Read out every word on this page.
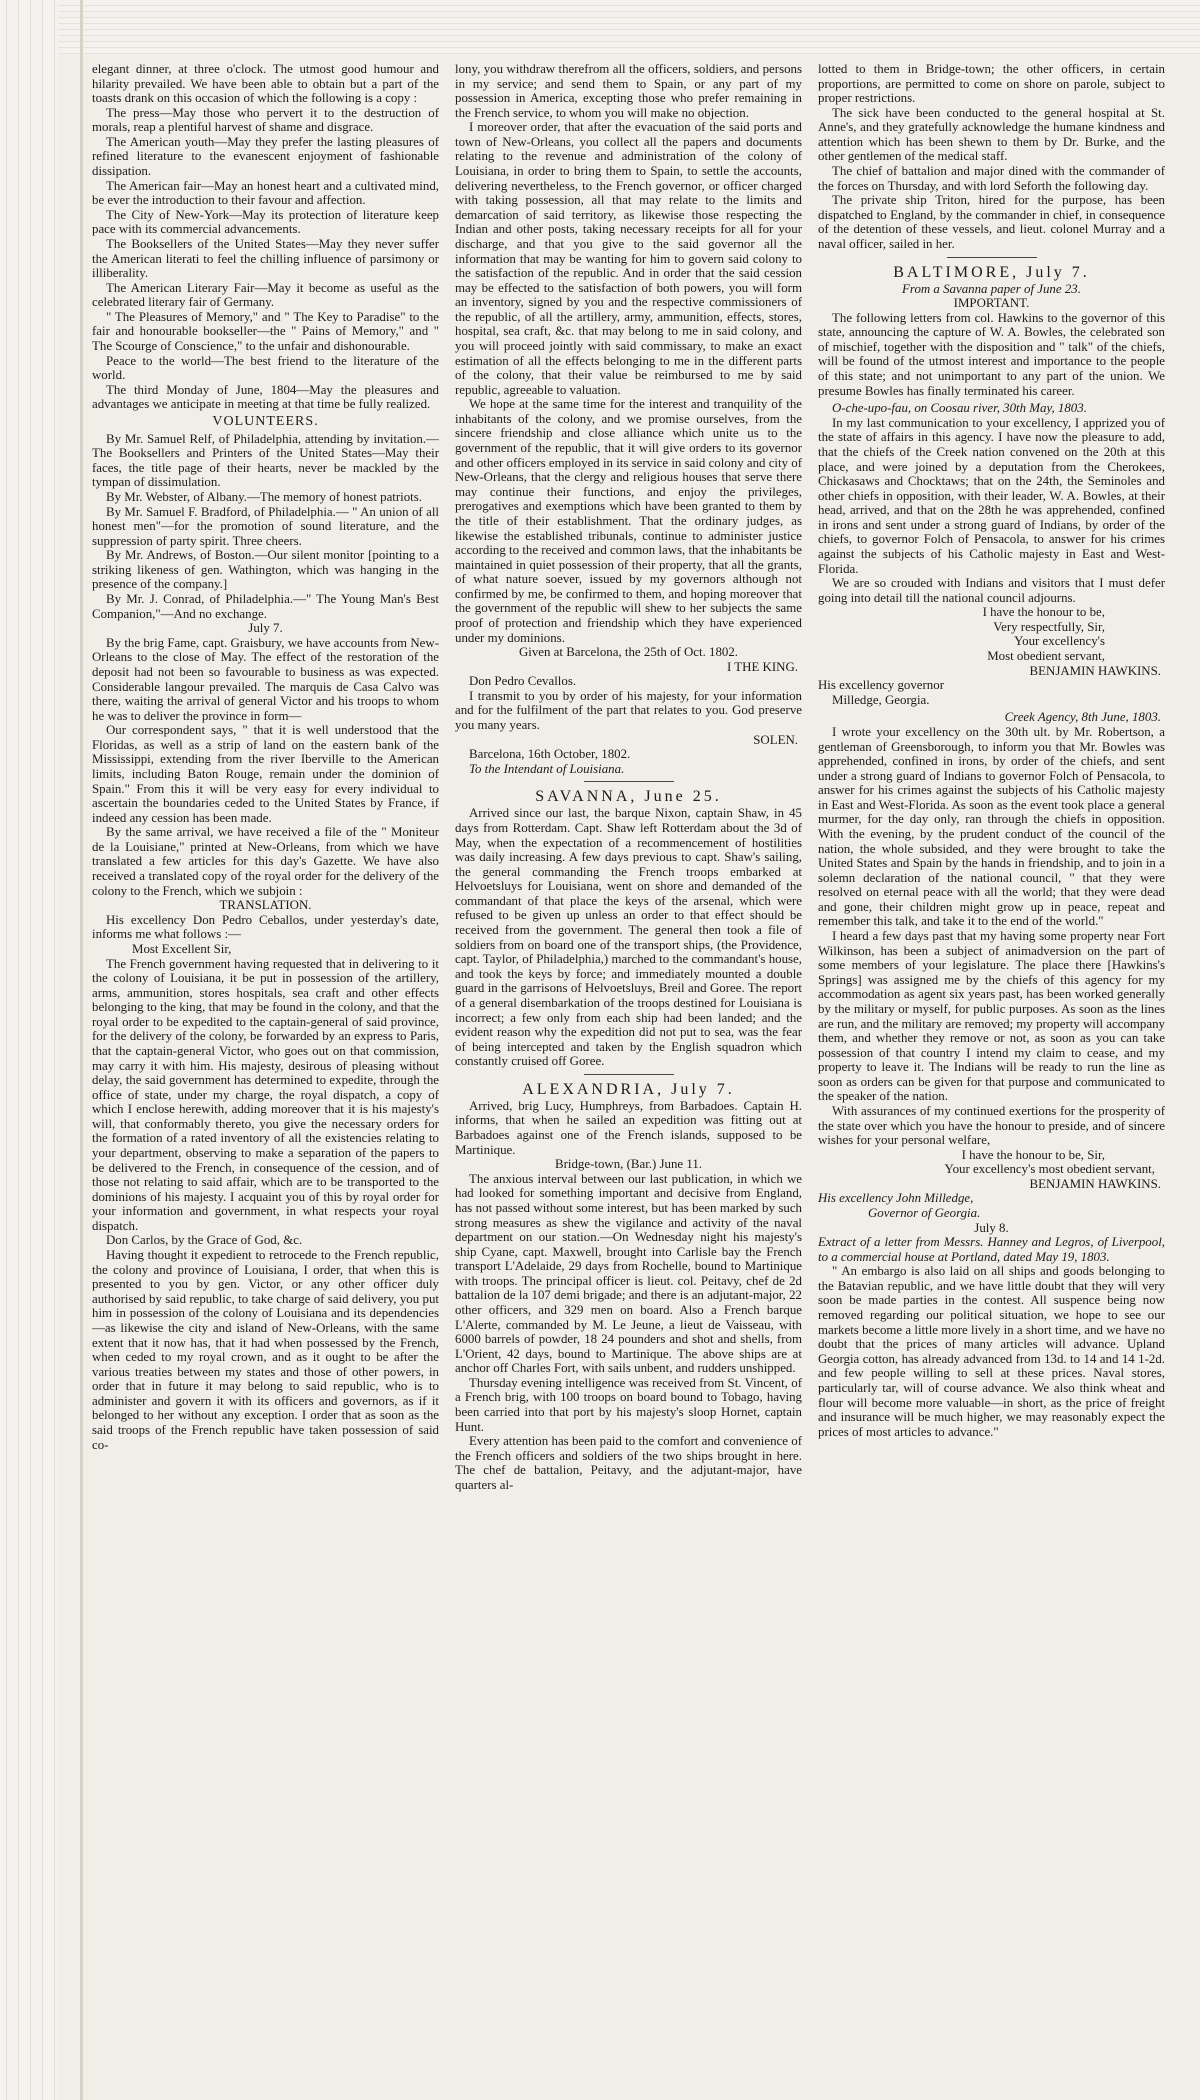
elegant dinner, at three o'clock. The utmost good humour and hilarity prevailed. We have been able to obtain but a part of the toasts drank on this occasion of which the following is a copy :

The press—May those who pervert it to the destruction of morals, reap a plentiful harvest of shame and disgrace.

The American youth—May they prefer the lasting pleasures of refined literature to the evanescent enjoyment of fashionable dissipation.

The American fair—May an honest heart and a cultivated mind, be ever the introduction to their favour and affection.

The City of New-York—May its protection of literature keep pace with its commercial advancements.

The Booksellers of the United States—May they never suffer the American literati to feel the chilling influence of parsimony or illiberality.

The American Literary Fair—May it become as useful as the celebrated literary fair of Germany.

" The Pleasures of Memory," and " The Key to Paradise" to the fair and honourable bookseller—the " Pains of Memory," and " The Scourge of Conscience," to the unfair and dishonourable.

Peace to the world—The best friend to the literature of the world.

The third Monday of June, 1804—May the pleasures and advantages we anticipate in meeting at that time be fully realized.

VOLUNTEERS.

By Mr. Samuel Relf, of Philadelphia, attending by invitation.—The Booksellers and Printers of the United States—May their faces, the title page of their hearts, never be mackled by the tympan of dissimulation.

By Mr. Webster, of Albany.—The memory of honest patriots.

By Mr. Samuel F. Bradford, of Philadelphia.— " An union of all honest men"—for the promotion of sound literature, and the suppression of party spirit. Three cheers.

By Mr. Andrews, of Boston.—Our silent monitor [pointing to a striking likeness of gen. Wathington, which was hanging in the presence of the company.]

By Mr. J. Conrad, of Philadelphia.—" The Young Man's Best Companion,"—And no exchange.

July 7.

By the brig Fame, capt. Graisbury, we have accounts from New-Orleans to the close of May. The effect of the restoration of the deposit had not been so favourable to business as was expected. Considerable langour prevailed. The marquis de Casa Calvo was there, waiting the arrival of general Victor and his troops to whom he was to deliver the province in form—

Our correspondent says, " that it is well understood that the Floridas, as well as a strip of land on the eastern bank of the Mississippi, extending from the river Iberville to the American limits, including Baton Rouge, remain under the dominion of Spain." From this it will be very easy for every individual to ascertain the boundaries ceded to the United States by France, if indeed any cession has been made.

By the same arrival, we have received a file of the " Moniteur de la Louisiane," printed at New-Orleans, from which we have translated a few articles for this day's Gazette. We have also received a translated copy of the royal order for the delivery of the colony to the French, which we subjoin :

TRANSLATION.

His excellency Don Pedro Ceballos, under yesterday's date, informs me what follows :—

Most Excellent Sir,

The French government having requested that in delivering to it the colony of Louisiana, it be put in possession of the artillery, arms, ammunition, stores hospitals, sea craft and other effects belonging to the king, that may be found in the colony, and that the royal order to be expedited to the captain-general of said province, for the delivery of the colony, be forwarded by an express to Paris, that the captain-general Victor, who goes out on that commission, may carry it with him. His majesty, desirous of pleasing without delay, the said government has determined to expedite, through the office of state, under my charge, the royal dispatch, a copy of which I enclose herewith, adding moreover that it is his majesty's will, that conformably thereto, you give the necessary orders for the formation of a rated inventory of all the existencies relating to your department, observing to make a separation of the papers to be delivered to the French, in consequence of the cession, and of those not relating to said affair, which are to be transported to the dominions of his majesty. I acquaint you of this by royal order for your information and government, in what respects your royal dispatch.

Don Carlos, by the Grace of God, &c.

Having thought it expedient to retrocede to the French republic, the colony and province of Louisiana, I order, that when this is presented to you by gen. Victor, or any other officer duly authorised by said republic, to take charge of said delivery, you put him in possession of the colony of Louisiana and its dependencies—as likewise the city and island of New-Orleans, with the same extent that it now has, that it had when possessed by the French, when ceded to my royal crown, and as it ought to be after the various treaties between my states and those of other powers, in order that in future it may belong to said republic, who is to administer and govern it with its officers and governors, as if it belonged to her without any exception. I order that as soon as the said troops of the French republic have taken possession of said co-

lony, you withdraw therefrom all the officers, soldiers, and persons in my service; and send them to Spain, or any part of my possession in America, excepting those who prefer remaining in the French service, to whom you will make no objection.

I moreover order, that after the evacuation of the said ports and town of New-Orleans, you collect all the papers and documents relating to the revenue and administration of the colony of Louisiana, in order to bring them to Spain, to settle the accounts, delivering nevertheless, to the French governor, or officer charged with taking possession, all that may relate to the limits and demarcation of said territory, as likewise those respecting the Indian and other posts, taking necessary receipts for all for your discharge, and that you give to the said governor all the information that may be wanting for him to govern said colony to the satisfaction of the republic. And in order that the said cession may be effected to the satisfaction of both powers, you will form an inventory, signed by you and the respective commissioners of the republic, of all the artillery, army, ammunition, effects, stores, hospital, sea craft, &c. that may belong to me in said colony, and you will proceed jointly with said commissary, to make an exact estimation of all the effects belonging to me in the different parts of the colony, that their value be reimbursed to me by said republic, agreeable to valuation.

We hope at the same time for the interest and tranquility of the inhabitants of the colony, and we promise ourselves, from the sincere friendship and close alliance which unite us to the government of the republic, that it will give orders to its governor and other officers employed in its service in said colony and city of New-Orleans, that the clergy and religious houses that serve there may continue their functions, and enjoy the privileges, prerogatives and exemptions which have been granted to them by the title of their establishment. That the ordinary judges, as likewise the established tribunals, continue to administer justice according to the received and common laws, that the inhabitants be maintained in quiet possession of their property, that all the grants, of what nature soever, issued by my governors although not confirmed by me, be confirmed to them, and hoping moreover that the government of the republic will shew to her subjects the same proof of protection and friendship which they have experienced under my dominions.

Given at Barcelona, the 25th of Oct. 1802.

I THE KING.

Don Pedro Cevallos.

I transmit to you by order of his majesty, for your information and for the fulfilment of the part that relates to you. God preserve you many years.

SOLEN.

Barcelona, 16th October, 1802.

To the Intendant of Louisiana.

SAVANNA, June 25.

Arrived since our last, the barque Nixon, captain Shaw, in 45 days from Rotterdam. Capt. Shaw left Rotterdam about the 3d of May, when the expectation of a recommencement of hostilities was daily increasing. A few days previous to capt. Shaw's sailing, the general commanding the French troops embarked at Helvoetsluys for Louisiana, went on shore and demanded of the commandant of that place the keys of the arsenal, which were refused to be given up unless an order to that effect should be received from the government. The general then took a file of soldiers from on board one of the transport ships, (the Providence, capt. Taylor, of Philadelphia,) marched to the commandant's house, and took the keys by force; and immediately mounted a double guard in the garrisons of Helvoetsluys, Breil and Goree. The report of a general disembarkation of the troops destined for Louisiana is incorrect; a few only from each ship had been landed; and the evident reason why the expedition did not put to sea, was the fear of being intercepted and taken by the English squadron which constantly cruised off Goree.

ALEXANDRIA, July 7.

Arrived, brig Lucy, Humphreys, from Barbadoes. Captain H. informs, that when he sailed an expedition was fitting out at Barbadoes against one of the French islands, supposed to be Martinique.

Bridge-town, (Bar.) June 11.

The anxious interval between our last publication, in which we had looked for something important and decisive from England, has not passed without some interest, but has been marked by such strong measures as shew the vigilance and activity of the naval department on our station.—On Wednesday night his majesty's ship Cyane, capt. Maxwell, brought into Carlisle bay the French transport L'Adelaide, 29 days from Rochelle, bound to Martinique with troops. The principal officer is lieut. col. Peitavy, chef de 2d battalion de la 107 demi brigade; and there is an adjutant-major, 22 other officers, and 329 men on board. Also a French barque L'Alerte, commanded by M. Le Jeune, a lieut de Vaisseau, with 6000 barrels of powder, 18 24 pounders and shot and shells, from L'Orient, 42 days, bound to Martinique. The above ships are at anchor off Charles Fort, with sails unbent, and rudders unshipped.

Thursday evening intelligence was received from St. Vincent, of a French brig, with 100 troops on board bound to Tobago, having been carried into that port by his majesty's sloop Hornet, captain Hunt.

Every attention has been paid to the comfort and convenience of the French officers and soldiers of the two ships brought in here. The chef de battalion, Peitavy, and the adjutant-major, have quarters al-

lotted to them in Bridge-town; the other officers, in certain proportions, are permitted to come on shore on parole, subject to proper restrictions.

The sick have been conducted to the general hospital at St. Anne's, and they gratefully acknowledge the humane kindness and attention which has been shewn to them by Dr. Burke, and the other gentlemen of the medical staff.

The chief of battalion and major dined with the commander of the forces on Thursday, and with lord Seforth the following day.

The private ship Triton, hired for the purpose, has been dispatched to England, by the commander in chief, in consequence of the detention of these vessels, and lieut. colonel Murray and a naval officer, sailed in her.

BALTIMORE, July 7.

From a Savanna paper of June 23.

IMPORTANT.

The following letters from col. Hawkins to the governor of this state, announcing the capture of W. A. Bowles, the celebrated son of mischief, together with the disposition and " talk" of the chiefs, will be found of the utmost interest and importance to the people of this state; and not unimportant to any part of the union. We presume Bowles has finally terminated his career.

O-che-upo-fau, on Coosau river, 30th May, 1803.

In my last communication to your excellency, I apprized you of the state of affairs in this agency. I have now the pleasure to add, that the chiefs of the Creek nation convened on the 20th at this place, and were joined by a deputation from the Cherokees, Chickasaws and Chocktaws; that on the 24th, the Seminoles and other chiefs in opposition, with their leader, W. A. Bowles, at their head, arrived, and that on the 28th he was apprehended, confined in irons and sent under a strong guard of Indians, by order of the chiefs, to governor Folch of Pensacola, to answer for his crimes against the subjects of his Catholic majesty in East and West-Florida.

We are so crouded with Indians and visitors that I must defer going into detail till the national council adjourns.

I have the honour to be,

Very respectfully, Sir,

Your excellency's

Most obedient servant,

BENJAMIN HAWKINS.

His excellency governor

Milledge, Georgia.

Creek Agency, 8th June, 1803.

I wrote your excellency on the 30th ult. by Mr. Robertson, a gentleman of Greensborough, to inform you that Mr. Bowles was apprehended, confined in irons, by order of the chiefs, and sent under a strong guard of Indians to governor Folch of Pensacola, to answer for his crimes against the subjects of his Catholic majesty in East and West-Florida. As soon as the event took place a general murmer, for the day only, ran through the chiefs in opposition. With the evening, by the prudent conduct of the council of the nation, the whole subsided, and they were brought to take the United States and Spain by the hands in friendship, and to join in a solemn declaration of the national council, " that they were resolved on eternal peace with all the world; that they were dead and gone, their children might grow up in peace, repeat and remember this talk, and take it to the end of the world."

I heard a few days past that my having some property near Fort Wilkinson, has been a subject of animadversion on the part of some members of your legislature. The place there [Hawkins's Springs] was assigned me by the chiefs of this agency for my accommodation as agent six years past, has been worked generally by the military or myself, for public purposes. As soon as the lines are run, and the military are removed; my property will accompany them, and whether they remove or not, as soon as you can take possession of that country I intend my claim to cease, and my property to leave it. The Indians will be ready to run the line as soon as orders can be given for that purpose and communicated to the speaker of the nation.

With assurances of my continued exertions for the prosperity of the state over which you have the honour to preside, and of sincere wishes for your personal welfare,

I have the honour to be, Sir,

Your excellency's most obedient servant,

BENJAMIN HAWKINS.

His excellency John Milledge,

Governor of Georgia.

July 8.

Extract of a letter from Messrs. Hanney and Legros, of Liverpool, to a commercial house at Portland, dated May 19, 1803.

" An embargo is also laid on all ships and goods belonging to the Batavian republic, and we have little doubt that they will very soon be made parties in the contest. All suspence being now removed regarding our political situation, we hope to see our markets become a little more lively in a short time, and we have no doubt that the prices of many articles will advance. Upland Georgia cotton, has already advanced from 13d. to 14 and 14 1-2d. and few people willing to sell at these prices. Naval stores, particularly tar, will of course advance. We also think wheat and flour will become more valuable—in short, as the price of freight and insurance will be much higher, we may reasonably expect the prices of most articles to advance."
